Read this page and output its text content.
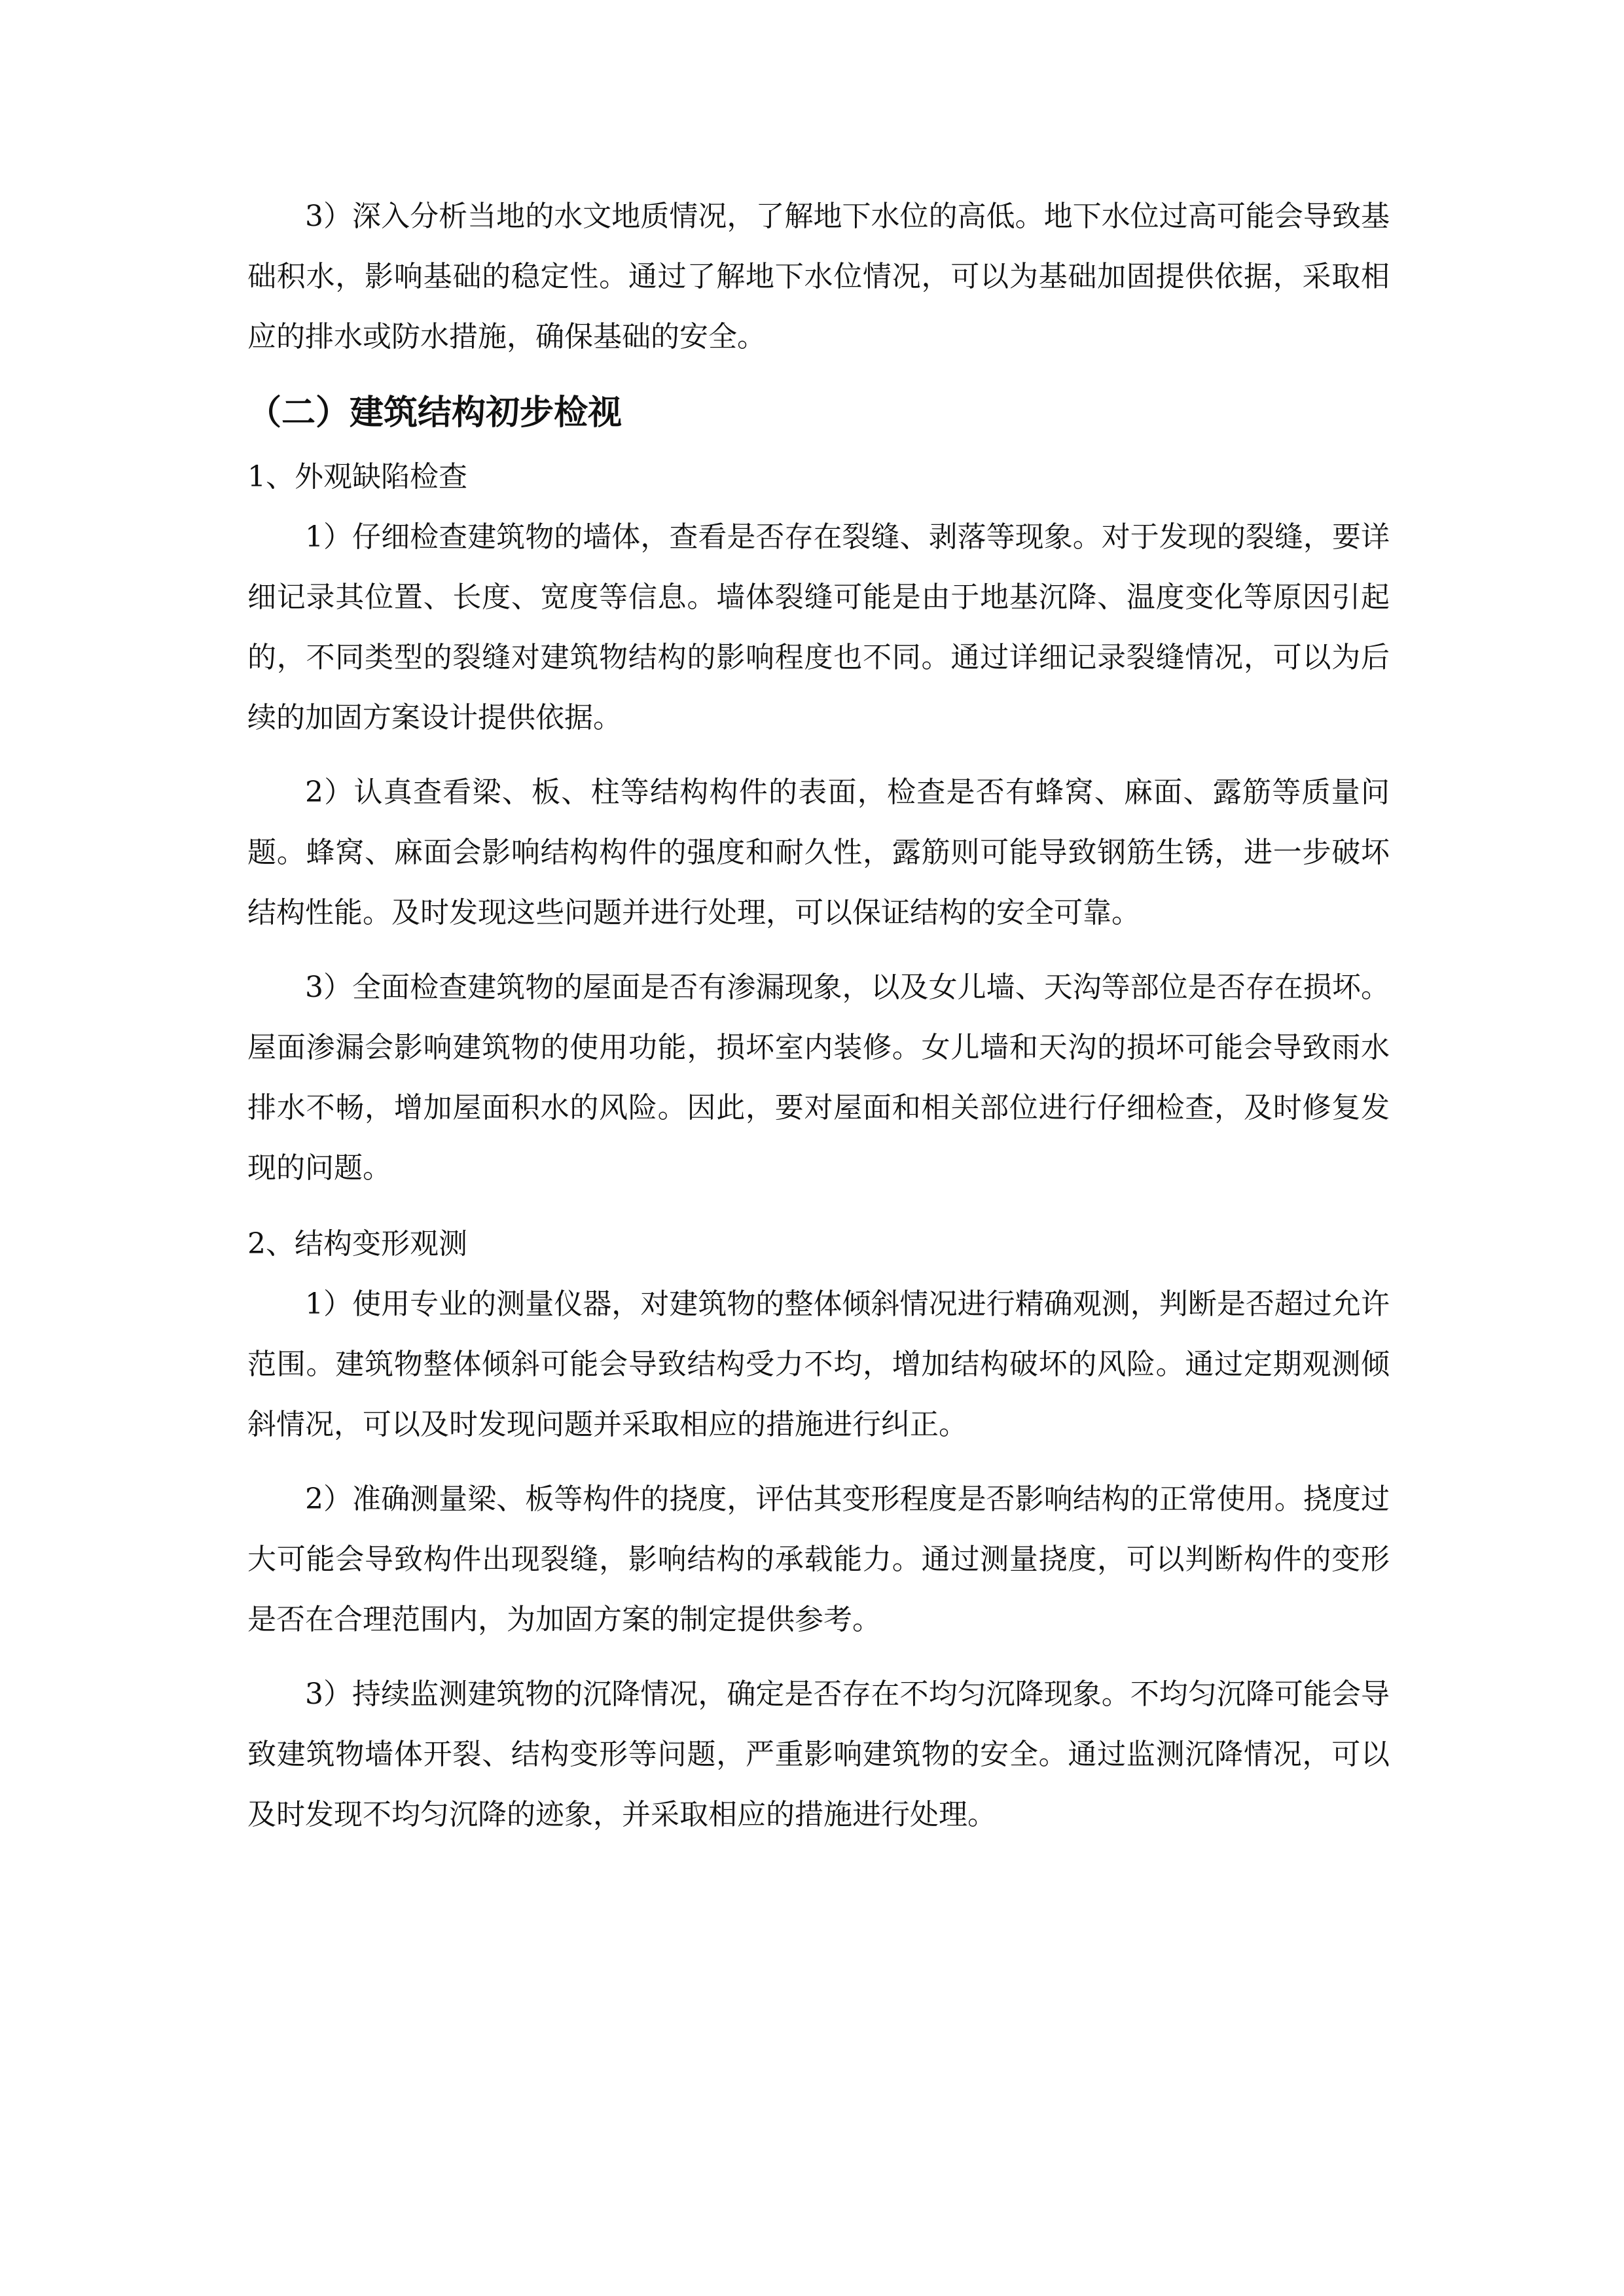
3）深入分析当地的水文地质情况，了解地下水位的高低。地下水位过高可能会导致基础积水，影响基础的稳定性。通过了解地下水位情况，可以为基础加固提供依据，采取相应的排水或防水措施，确保基础的安全。

（二）建筑结构初步检视

1、外观缺陷检查

1）仔细检查建筑物的墙体，查看是否存在裂缝、剥落等现象。对于发现的裂缝，要详细记录其位置、长度、宽度等信息。墙体裂缝可能是由于地基沉降、温度变化等原因引起的，不同类型的裂缝对建筑物结构的影响程度也不同。通过详细记录裂缝情况，可以为后续的加固方案设计提供依据。

2）认真查看梁、板、柱等结构构件的表面，检查是否有蜂窝、麻面、露筋等质量问题。蜂窝、麻面会影响结构构件的强度和耐久性，露筋则可能导致钢筋生锈，进一步破坏结构性能。及时发现这些问题并进行处理，可以保证结构的安全可靠。

3）全面检查建筑物的屋面是否有渗漏现象，以及女儿墙、天沟等部位是否存在损坏。屋面渗漏会影响建筑物的使用功能，损坏室内装修。女儿墙和天沟的损坏可能会导致雨水排水不畅，增加屋面积水的风险。因此，要对屋面和相关部位进行仔细检查，及时修复发现的问题。

2、结构变形观测

1）使用专业的测量仪器，对建筑物的整体倾斜情况进行精确观测，判断是否超过允许范围。建筑物整体倾斜可能会导致结构受力不均，增加结构破坏的风险。通过定期观测倾斜情况，可以及时发现问题并采取相应的措施进行纠正。

2）准确测量梁、板等构件的挠度，评估其变形程度是否影响结构的正常使用。挠度过大可能会导致构件出现裂缝，影响结构的承载能力。通过测量挠度，可以判断构件的变形是否在合理范围内，为加固方案的制定提供参考。

3）持续监测建筑物的沉降情况，确定是否存在不均匀沉降现象。不均匀沉降可能会导致建筑物墙体开裂、结构变形等问题，严重影响建筑物的安全。通过监测沉降情况，可以及时发现不均匀沉降的迹象，并采取相应的措施进行处理。
